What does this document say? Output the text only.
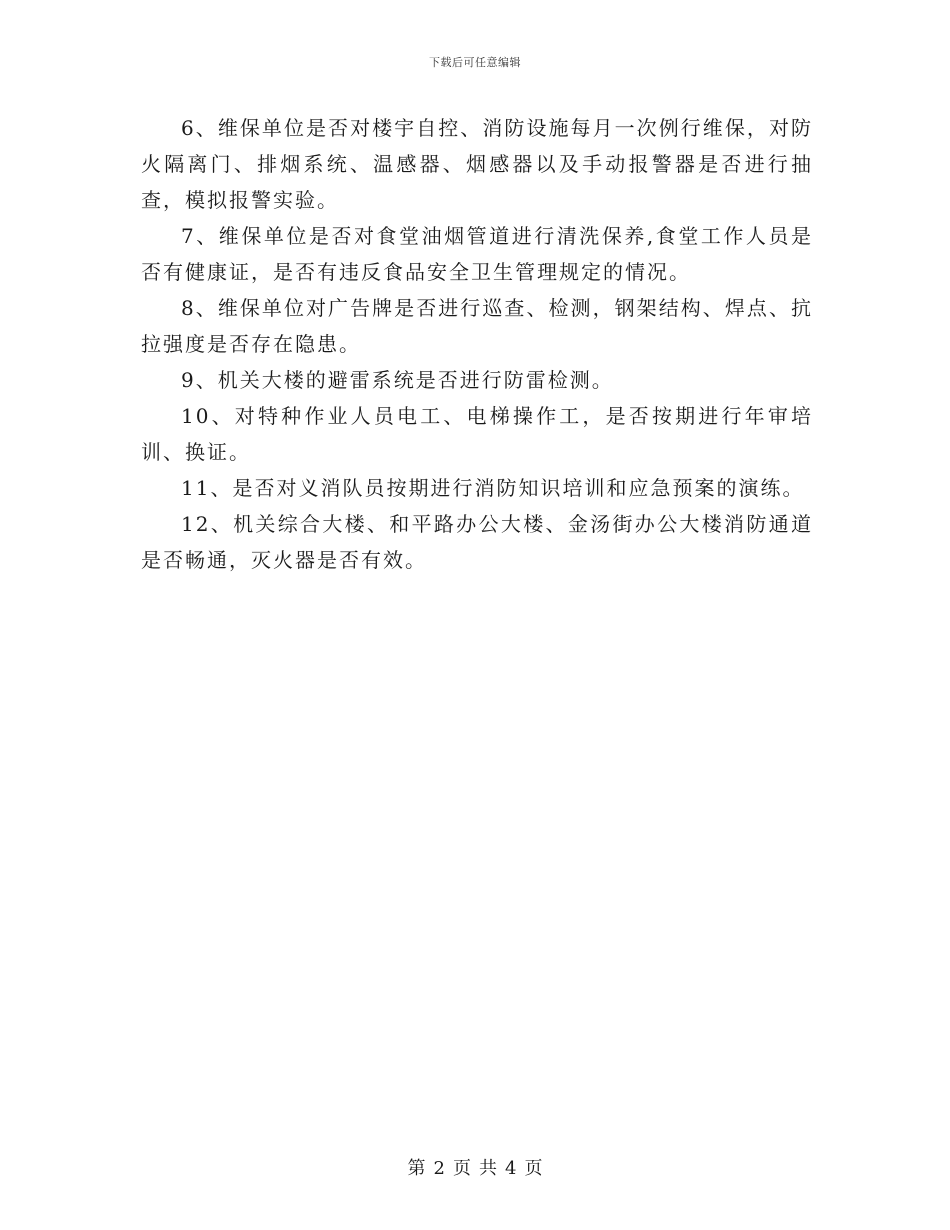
下载后可任意编辑

6、维保单位是否对楼宇自控、消防设施每月一次例行维保，对防火隔离门、排烟系统、温感器、烟感器以及手动报警器是否进行抽查，模拟报警实验。

7、维保单位是否对食堂油烟管道进行清洗保养,食堂工作人员是否有健康证，是否有违反食品安全卫生管理规定的情况。

8、维保单位对广告牌是否进行巡查、检测，钢架结构、焊点、抗拉强度是否存在隐患。

9、机关大楼的避雷系统是否进行防雷检测。

10、对特种作业人员电工、电梯操作工，是否按期进行年审培训、换证。

11、是否对义消队员按期进行消防知识培训和应急预案的演练。

12、机关综合大楼、和平路办公大楼、金汤街办公大楼消防通道是否畅通，灭火器是否有效。

第 2 页 共 4 页
